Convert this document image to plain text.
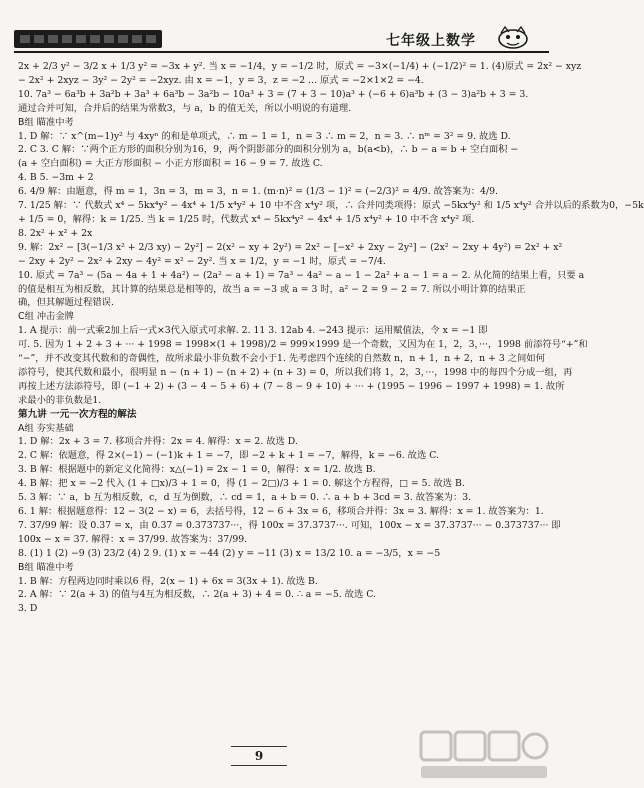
七年级上数学
2x + 2/3 y² − 3/2 x + 1/3 y² = −3x + y². 当 x = −1/4，y = −1/2 时，原式 = −3×(−1/4) + (−1/2)² = 1. (4)原式 = 2x² − xyz
− 2x² + 2xyz − 3y² − 2y² = −2xyz. 由 x = −1，y = 3，z = −2 ... 原式 = −2×1×2 = −4.
10. 7a³ − 6a³b + 3a²b + 3a³ + 6a³b − 3a²b − 10a³ + 3 = (7 + 3 − 10)a³ + (−6 + 6)a³b + (3 − 3)a²b + 3 = 3.
通过合并可知，合并后的结果为常数3，与 a，b 的值无关，所以小明说的有道理.
B组 瞄准中考
1. D 解：∵ x^(m−1)y² 与 4xyⁿ 的和是单项式，∴ m − 1 = 1，n = 3 ∴ m = 2，n = 3. ∴ nᵐ = 3² = 9. 故选 D.
2. C 3. C 解：∵两个正方形的面积分别为16，9，两个阴影部分的面积分别为 a，b(a<b)，∴ b − a = b + 空白面积 −
(a + 空白面积) = 大正方形面积 − 小正方形面积 = 16 − 9 = 7. 故选 C.
4. B 5. −3m + 2
6. 4/9 解：由题意，得 m = 1，3n = 3，m = 3，n = 1. (m·n)² = (1/3 − 1)² = (−2/3)² = 4/9. 故答案为：4/9.
7. 1/25 解：∵ 代数式 x⁴ − 5kx⁴y² − 4x⁴ + 1/5 x⁴y² + 10 中不含 x⁴y² 项，∴ 合并同类项得：原式 −5kx⁴y² 和 1/5 x⁴y² 合并以后的系数为0，−5k
+ 1/5 = 0，解得：k = 1/25. 当 k = 1/25 时，代数式 x⁴ − 5kx⁴y² − 4x⁴ + 1/5 x⁴y² + 10 中不含 x⁴y² 项.
8. 2x² + x² + 2x
9. 解：2x² − [3(−1/3 x² + 2/3 xy) − 2y²] − 2(x² − xy + 2y²) = 2x² − [−x² + 2xy − 2y²] − (2x² − 2xy + 4y²) = 2x² + x²
− 2xy + 2y² − 2x² + 2xy − 4y² = x² − 2y². 当 x = 1/2，y = −1 时，原式 = −7/4.
10. 原式 = 7a³ − (5a − 4a + 1 + 4a²) − (2a² − a + 1) = 7a³ − 4a² − a − 1 − 2a² + a − 1 = a − 2. 从化简的结果上看，只要 a
的值是相互为相反数，其计算的结果总是相等的，故当 a = −3 或 a = 3 时，a² − 2 = 9 − 2 = 7. 所以小明计算的结果正
确，但其解题过程错误.
C组 冲击金牌
1. A 提示：前一式乘2加上后一式×3代入原式可求解. 2. 11 3. 12ab 4. −243 提示：运用赋值法，令 x = −1 即
可. 5. 因为 1 + 2 + 3 + ··· + 1998 = 1998×(1 + 1998)/2 = 999×1999 是一个奇数，又因为在 1，2，3，···，1998 前添符号“+”和
“−”，并不改变其代数和的奇偶性，故所求最小非负数不会小于1. 先考虑四个连续的自然数 n，n + 1，n + 2，n + 3 之间如何
添符号，使其代数和最小，很明显 n − (n + 1) − (n + 2) + (n + 3) = 0，所以我们将 1，2，3，···，1998 中的每四个分成一组，再
再按上述方法添符号，即 (−1 + 2) + (3 − 4 − 5 + 6) + (7 − 8 − 9 + 10) + ··· + (1995 − 1996 − 1997 + 1998) = 1. 故所
求最小的非负数是1.
第九讲 一元一次方程的解法
A组 夯实基础
1. D 解：2x + 3 = 7. 移项合并得：2x = 4. 解得：x = 2. 故选 D.
2. C 解：依题意，得 2×(−1) − (−1)k + 1 = −7，即 −2 + k + 1 = −7，解得，k = −6. 故选 C.
3. B 解：根据题中的新定义化简得：x△(−1) = 2x − 1 = 0，解得：x = 1/2. 故选 B.
4. B 解：把 x = −2 代入 (1 + □x)/3 + 1 = 0，得 (1 − 2□)/3 + 1 = 0. 解这个方程得，□ = 5. 故选 B.
5. 3 解：∵ a，b 互为相反数，c，d 互为倒数，∴ cd = 1，a + b = 0. ∴ a + b + 3cd = 3. 故答案为：3.
6. 1 解：根据题意得：12 − 3(2 − x) = 6，去括号得，12 − 6 + 3x = 6，移项合并得：3x = 3. 解得：x = 1. 故答案为：1.
7. 37/99 解：设 0.37 = x，由 0.37 = 0.373737···，得 100x = 37.3737···. 可知，100x − x = 37.3737··· − 0.373737··· 即
100x − x = 37. 解得：x = 37/99. 故答案为：37/99.
8. (1) 1 (2) −9 (3) 23/2 (4) 2 9. (1) x = −44 (2) y = −11 (3) x = 13/2 10. a = −3/5，x = −5
B组 瞄准中考
1. B 解：方程两边同时乘以6 得，2(x − 1) + 6x = 3(3x + 1). 故选 B.
2. A 解：∵ 2(a + 3) 的值与4互为相反数，∴ 2(a + 3) + 4 = 0. ∴ a = −5. 故选 C.
3. D
9
